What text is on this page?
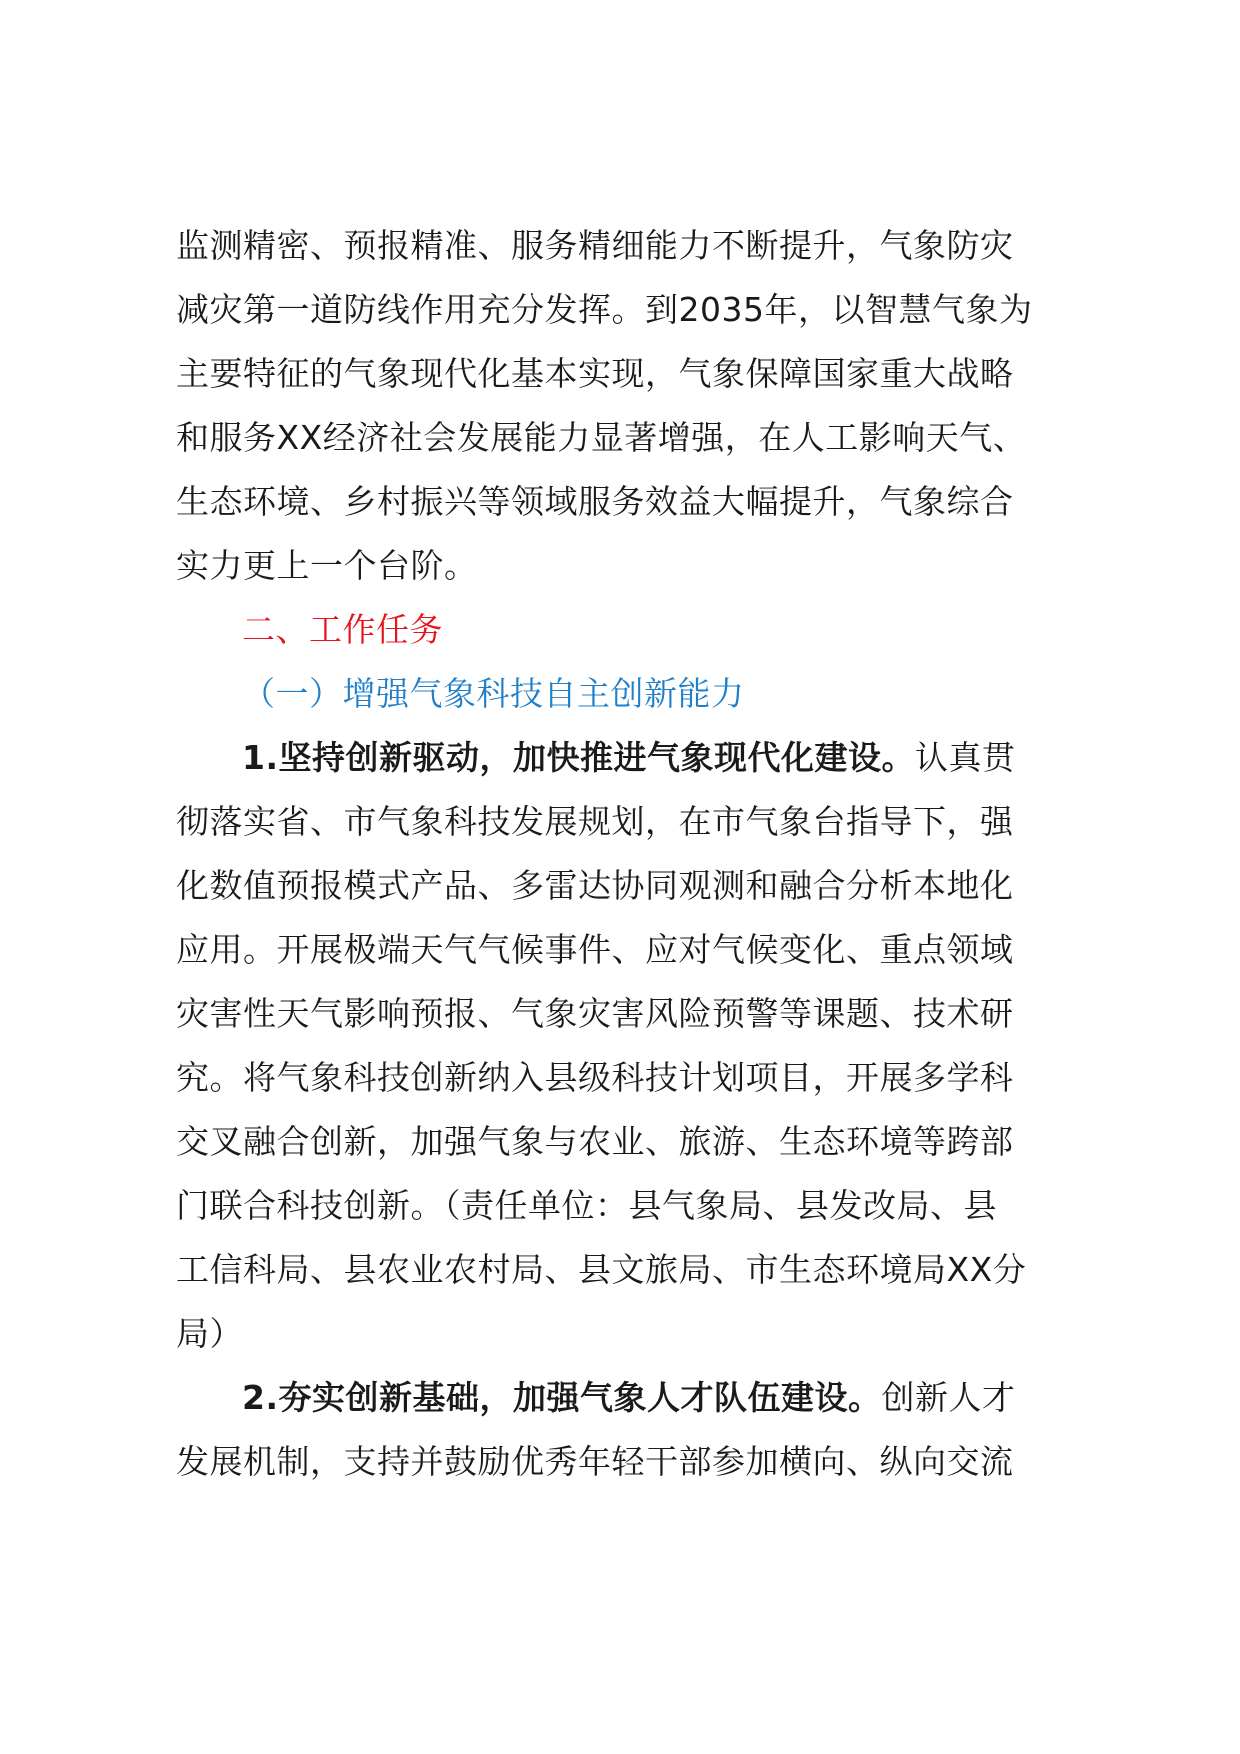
监测精密、预报精准、服务精细能力不断提升，气象防灾
减灾第一道防线作用充分发挥。到2035年，以智慧气象为
主要特征的气象现代化基本实现，气象保障国家重大战略
和服务XX经济社会发展能力显著增强，在人工影响天气、
生态环境、乡村振兴等领域服务效益大幅提升，气象综合
实力更上一个台阶。
二、工作任务
（一）增强气象科技自主创新能力
1.坚持创新驱动，加快推进气象现代化建设。认真贯
彻落实省、市气象科技发展规划，在市气象台指导下，强
化数值预报模式产品、多雷达协同观测和融合分析本地化
应用。开展极端天气气候事件、应对气候变化、重点领域
灾害性天气影响预报、气象灾害风险预警等课题、技术研
究。将气象科技创新纳入县级科技计划项目，开展多学科
交叉融合创新，加强气象与农业、旅游、生态环境等跨部
门联合科技创新。（责任单位：县气象局、县发改局、县
工信科局、县农业农村局、县文旅局、市生态环境局XX分
局）
2.夯实创新基础，加强气象人才队伍建设。创新人才
发展机制，支持并鼓励优秀年轻干部参加横向、纵向交流
